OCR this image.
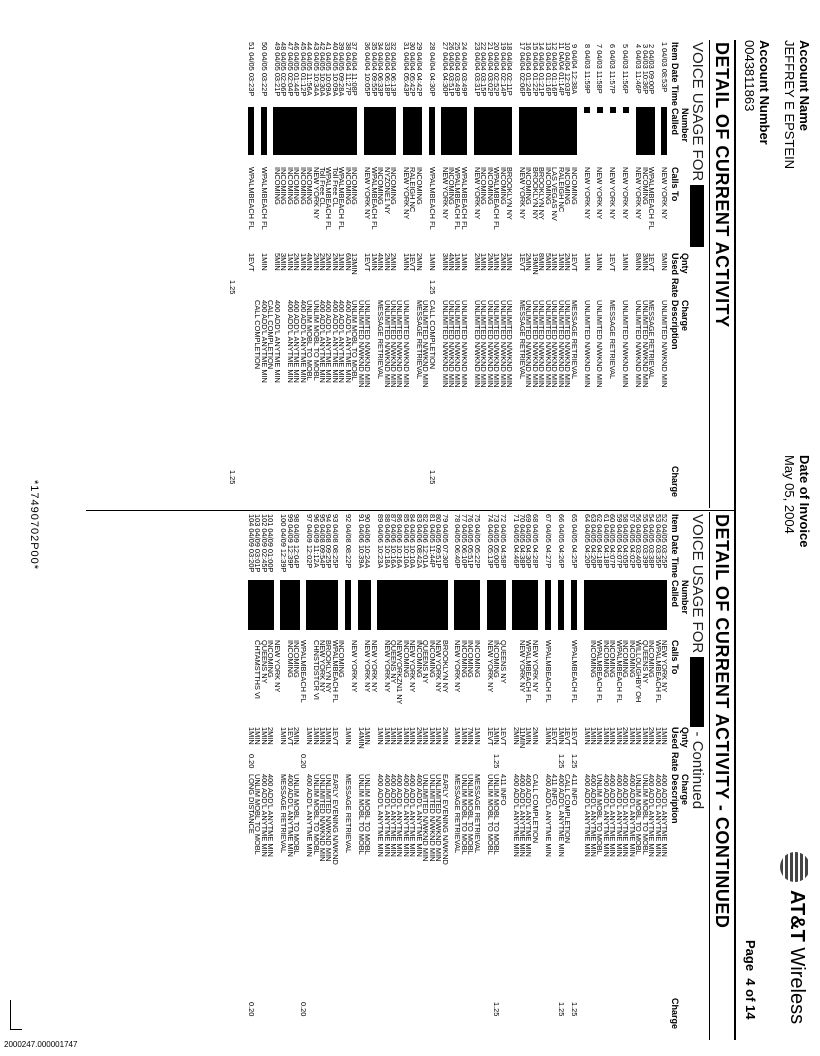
Account Name
JEFFREY E EPSTEIN
Account Number
0043811863
Date of Invoice
May 05, 2004
AT&T Wireless
Page  4 of 14
DETAIL OF CURRENT ACTIVITY
VOICE USAGE FOR
Item Date Time
Number
Called
Calls To
Qnty
Used
Rate
Charge
Description
Charge
1 04/03 08:53P

2 04/03 09:00P
3 04/03 10:36P
4 04/03 11:46P

5 04/03 11:56P

6 04/03 11:57P

7 04/03 11:58P

8 04/03 11:59P

9 04/04 12:38A
10 04/04 12:03P
11 04/04 01:14P
12 04/04 01:16P
13 04/04 01:16P
14 04/04 01:21P
15 04/04 01:22P
16 04/04 01:24P
17 04/04 02:06P

18 04/04 02:11P
19 04/04 02:14P
20 04/04 02:52P
21 04/04 03:02P
22 04/04 03:15P
23 04/04 03:31P

24 04/04 03:49P
25 04/04 03:49P
26 04/04 03:51P
27 04/04 04:30P

28 04/04 04:30P

29 04/04 04:42P
30 04/04 05:42P
31 04/04 05:43P

32 04/04 06:13P
33 04/04 06:18P
34 04/04 06:33P
35 04/04 09:55P
36 04/04 10:05P

37 04/04 11:08P
38 04/04 11:27P
39 04/05 09:28A
40 04/05 10:09A
41 04/05 10:09A
42 04/05 10:30A
43 04/05 10:34A
44 04/05 11:56A
45 04/05 01:12P
46 04/05 01:44P
47 04/05 02:04P
48 04/05 02:06P
49 04/05 03:21P

50 04/05 03:22P

51 04/05 03:23P
NEW YORK NY

WPALMBEACH FL
INCOMING
NEW YORK NY

NEW YORK NY

NEW YORK NY

NEW YORK NY

NEW YORK NY

INCOMING
INCOMING
RALEIGH NC
LAS VEGAS NV
INCOMING
BROOKLYN NY
BROOKLYN NY
INCOMING
NEW YORK NY

BROOKLYN NY
INCOMING
WPALMBEACH FL
INCOMING
INCOMING
NEW YORK NY

WPALMBEACH FL
WPALMBEACH FL
INCOMING
NEW YORK NY

WPALMBEACH FL

INCOMING
RALEIGH NC
NEW YORK NY

INCOMING
NYZONE1 NY
INCOMING
WPALMBEACH FL
NEW YORK NY

INCOMING
INCOMING
WPALMBEACH FL
Toll Free CL
WPALMBEACH FL
Toll Free CL
NEW YORK NY
INCOMING
INCOMING
INCOMING
INCOMING
INCOMING
INCOMING

WPALMBEACH FL

WPALMBEACH FL
5MIN

1EVT
3MIN
8MIN

1MIN

1EVT

1MIN

1MIN

1EVT
2MIN
1MIN
1MIN
5MIN
8MIN
19MIN
2MIN
1EVT

1MIN
2MIN
1MIN
2MIN
1MIN
2MIN

1MIN
1MIN
4MIN
3MIN

1MIN

2MIN
1EVT
1MIN

2MIN
2MIN
4MIN
1MIN
1EVT

13MIN
6MIN
1MIN
2MIN
2MIN
2MIN
2MIN
4MIN
1MIN
2MIN
1MIN
3MIN
5MIN

1MIN

1EVT

1.25

1.25
UNLIMITED N/WKND MIN

MESSAGE RETRIEVAL
UNLIMITED N/WKND MIN
UNLIMITED N/WKND MIN

UNLIMITED N/WKND MIN

MESSAGE RETRIEVAL

UNLIMITED N/WKND MIN

UNLIMITED N/WKND MIN

MESSAGE RETRIEVAL
UNLIMITED N/WKND MIN
UNLIMITED N/WKND MIN
UNLIMITED N/WKND MIN
UNLIMITED N/WKND MIN
UNLIMITED N/WKND MIN
UNLIMITED N/WKND MIN
UNLIMITED N/WKND MIN
MESSAGE RETRIEVAL

UNLIMITED N/WKND MIN
UNLIMITED N/WKND MIN
UNLIMITED N/WKND MIN
UNLIMITED N/WKND MIN
UNLIMITED N/WKND MIN
UNLIMITED N/WKND MIN

UNLIMITED N/WKND MIN
UNLIMITED N/WKND MIN
UNLIMITED N/WKND MIN
UNLIMITED N/WKND MIN

CALL COMPLETION
UNLIMITED N/WKND MIN
MESSAGE RETRIEVAL

UNLIMITED N/WKND MIN
UNLIMITED N/WKND MIN
UNLIMITED N/WKND MIN
UNLIMITED N/WKND MIN
MESSAGE RETRIEVAL

UNLIMITED N/WKND MIN
UNLIMITED N/WKND MIN
UNLIM MOBL TO MOBL
400 ADD'L ANYTME MIN
400 ADD'L ANYTME MIN
400 ADD'L ANYTME MIN
400 ADD'L ANYTME MIN
400 ADD'L ANYTME MIN
UNLIM MOBL TO MOBL
UNLIM MOBL TO MOBL
400 ADD'L ANYTME MIN
400 ADD'L ANYTME MIN
400 ADD'L ANYTME MIN

400 ADD'L ANYTME MIN
CALL COMPLETION
400 ADD'L ANYTME MIN
CALL COMPLETION

1.25

1.25
DETAIL OF CURRENT ACTIVITY - CONTINUED
VOICE USAGE FOR  - Continued
Item Date Time
Number
Called
Calls To
Qnty
Used
Rate
Charge
Description
Charge
52 04/05 03:25P
53 04/05 03:35P
54 04/05 03:38P
55 04/05 03:39P
56 04/05 03:40P
57 04/05 04:02P
58 04/05 04:05P
59 04/05 04:07P
60 04/05 04:07P
61 04/05 04:18P
62 04/05 04:18P
63 04/05 04:20P
64 04/05 04:20P

65 04/05 04:25P

66 04/05 04:26P

67 04/05 04:27P

68 04/05 04:28P
69 04/05 04:30P
70 04/05 04:38P
71 04/05 04:46P

72 04/05 04:58P
73 04/05 05:00P
74 04/05 05:13P

75 04/05 05:22P
76 04/05 05:51P
77 04/05 06:10P
78 04/05 06:40P

79 04/05 07:30P
80 04/05 09:51P
81 04/05 11:44P
82 04/06 12:01A
83 04/06 08:42A
84 04/06 10:10A
85 04/06 10:10A
86 04/06 10:16A
87 04/06 10:16A
88 04/06 10:18A
89 04/06 10:23A

90 04/06 10:24A
91 04/06 10:39A

92 04/08 08:22P

93 04/08 08:25P
94 04/08 09:25P
95 04/08 09:54P
96 04/09 11:12A
97 04/09 12:02P

98 04/09 12:04P
99 04/09 12:39P
100 04/09 12:39P

101 04/09 01:00P
102 04/09 02:45P
103 04/09 03:01P
104 04/09 03:20P
NEW YORK NY
WPALMBEACH FL
INCOMING
QUEENS NY
WILLOUGHBY OH
INCOMING
INCOMING
WPALMBEACH FL
INCOMING
INCOMING
WPALMBEACH FL
INCOMING

WPALMBEACH FL

WPALMBEACH FL

NEW YORK NY
WPALMBEACH FL
NEW YORK NY

QUEENS NY
INCOMING
NEW YORK NY

INCOMING
INCOMING
INCOMING
NEW YORK NY

BROOKLYN NY
NEW YORK NY
INCOMING
QUEENS NY
INCOMING
NEW YORK NY
INCOMING
NEWYORKZN1 NY
QUEENS NY
NEW YORK NY

NEW YORK NY
NEW YORK NY

NEW YORK NY

INCOMING
WPALMBEACH FL
BROOKLYN NY
NEW YORK NY
CHNSTDSTCR VI

WPALMBEACH FL
INCOMING
INCOMING

NEW YORK NY
INCOMING
QUEENS NY
CHTAMSTTHS VI
1MIN
1MIN
2MIN
1MIN
1MIN
1MIN
2MIN
1MIN
1MIN
1MIN
1MIN
1MIN
1MIN

1EVT
1EVT
1MIN
1EVT
1MIN

2MIN
1MIN
11MIN
2MIN

1EVT
1MIN
1EVT

1MIN
7MIN
1MIN
1MIN

2MIN
1MIN
1MIN
1MIN
2MIN
1MIN
1MIN
1MIN
1MIN
1MIN
1MIN

1MIN
14MIN

1MIN

1EVT
1MIN
1MIN
1MIN
1MIN

2MIN
1EVT
1MIN

2MIN
1MIN
1MIN
1MIN

1.25

1.25

1.25

0.20

0.20
400 ADD'L ANYTME MIN
400 ADD'L ANYTME MIN
400 ADD'L ANYTME MIN
UNLIM MOBL TO MOBL
UNLIM MOBL TO MOBL
400 ADD'L ANYTME MIN
400 ADD'L ANYTME MIN
400 ADD'L ANYTME MIN
400 ADD'L ANYTME MIN
400 ADD'L ANYTME MIN
UNLIM MOBL TO MOBL
400 ADD'L ANYTME MIN
400 ADD'L ANYTME MIN

411 INFO
CALL COMPLETION
400 ADD'L ANYTME MIN
411 INFO
400 ADD'L ANYTME MIN

CALL COMPLETION
400 ADD'L ANYTME MIN
400 ADD'L ANYTME MIN
400 ADD'L ANYTME MIN

411 INFO
UNLIM MOBL TO MOBL
UNLIM MOBL TO MOBL

MESSAGE RETRIEVAL
UNLIM MOBL TO MOBL
UNLIM MOBL TO MOBL
MESSAGE RETRIEVAL

EARLY EVENING N/WKND
UNLIMITED N/WKND MIN
UNLIMITED N/WKND MIN
UNLIMITED N/WKND MIN
400 ADD'L ANYTME MIN
400 ADD'L ANYTME MIN
400 ADD'L ANYTME MIN
400 ADD'L ANYTME MIN
400 ADD'L ANYTME MIN
400 ADD'L ANYTME MIN
400 ADD'L ANYTME MIN

UNLIM MOBL TO MOBL
UNLIM MOBL TO MOBL

MESSAGE RETRIEVAL

EARLY EVENING N/WKND
UNLIMITED N/WKND MIN
UNLIMITED N/WKND MIN
UNLIM MOBL TO MOBL
400 ADD'L ANYTME MIN

UNLIM MOBL TO MOBL
400 ADD'L ANYTME MIN
MESSAGE RETRIEVAL

400 ADD'L ANYTME MIN
400 ADD'L ANYTME MIN
UNLIM MOBL TO MOBL
LONG DISTANCE

1.25

1.25

1.25

0.20

0.20
*17490702P00*
2000247.000001747
